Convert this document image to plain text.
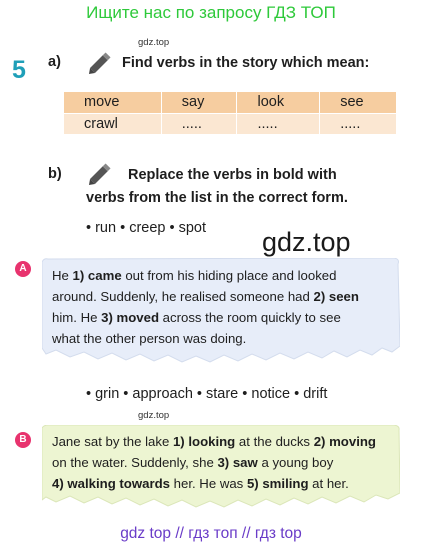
Ищите нас по запросу ГДЗ ТОП
gdz.top
5 a)	Find verbs in the story which mean:
move	say	look	see
crawl	.....	.....	.....
b)	Replace the verbs in bold with
verbs from the list in the correct form.
• run • creep • spot gdz.top
A	He 1) came out from his hiding place and looked
around. Suddenly, he realised someone had 2) seen
him. He 3) moved across the room quickly to see
what the other person was doing.
• grin • approach • stare • notice • drift
gdz.top
B	Jane sat by the lake 1) looking at the ducks 2) moving
on the water. Suddenly, she 3) saw a young boy
4) walking towards her. He was 5) smiling at her.
gdz top // гдз топ // гдз top
